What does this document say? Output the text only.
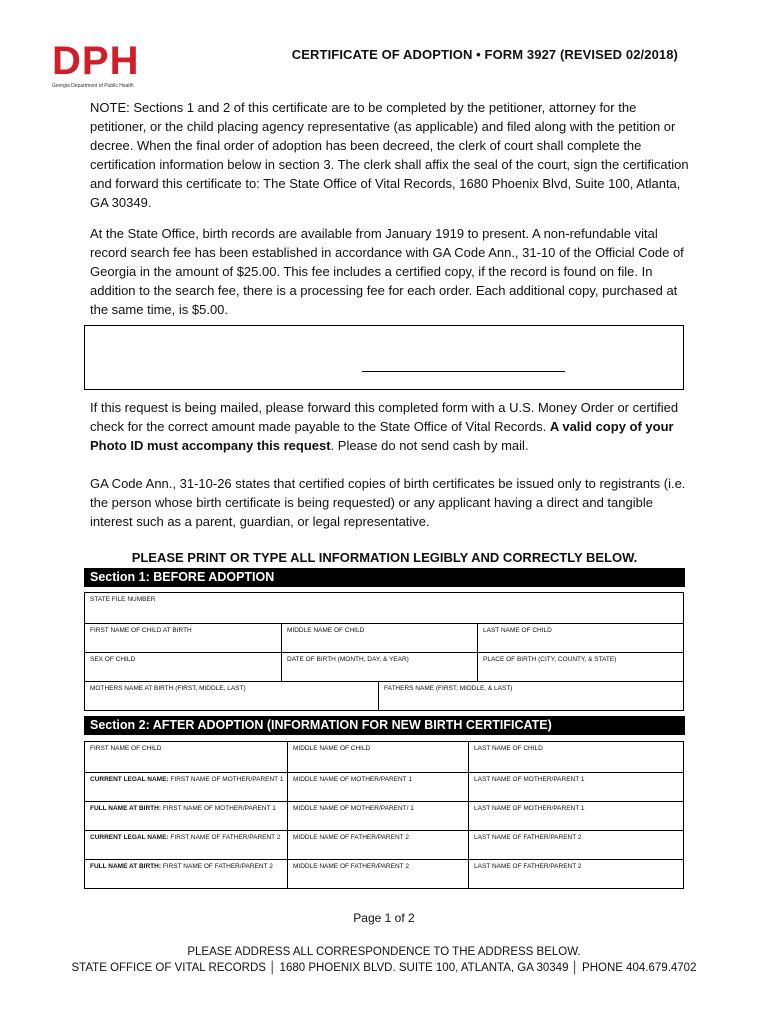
DPH
Georgia Department of Public Health
CERTIFICATE OF ADOPTION • FORM 3927 (REVISED 02/2018)

NOTE: Sections 1 and 2 of this certificate are to be completed by the petitioner, attorney for the petitioner, or the child placing agency representative (as applicable) and filed along with the petition or decree. When the final order of adoption has been decreed, the clerk of court shall complete the certification information below in section 3. The clerk shall affix the seal of the court, sign the certification and forward this certificate to: The State Office of Vital Records, 1680 Phoenix Blvd, Suite 100, Atlanta, GA 30349.

At the State Office, birth records are available from January 1919 to present. A non-refundable vital record search fee has been established in accordance with GA Code Ann., 31-10 of the Official Code of Georgia in the amount of $25.00. This fee includes a certified copy, if the record is found on file. In addition to the search fee, there is a processing fee for each order. Each additional copy, purchased at the same time, is $5.00.

If this request is being mailed, please forward this completed form with a U.S. Money Order or certified check for the correct amount made payable to the State Office of Vital Records. A valid copy of your Photo ID must accompany this request. Please do not send cash by mail.

GA Code Ann., 31-10-26 states that certified copies of birth certificates be issued only to registrants (i.e. the person whose birth certificate is being requested) or any applicant having a direct and tangible interest such as a parent, guardian, or legal representative.

PLEASE PRINT OR TYPE ALL INFORMATION LEGIBLY AND CORRECTLY BELOW.
Section 1: BEFORE ADOPTION
STATE FILE NUMBER
FIRST NAME OF CHILD AT BIRTH	MIDDLE NAME OF CHILD	LAST NAME OF CHILD
SEX OF CHILD	DATE OF BIRTH (MONTH, DAY, & YEAR)	PLACE OF BIRTH (CITY, COUNTY, & STATE)
MOTHERS NAME AT BIRTH (FIRST, MIDDLE, LAST)	FATHERS NAME (FIRST, MIDDLE, & LAST)
Section 2: AFTER ADOPTION (INFORMATION FOR NEW BIRTH CERTIFICATE)
FIRST NAME OF CHILD	MIDDLE NAME OF CHILD	LAST NAME OF CHILD
CURRENT LEGAL NAME: FIRST NAME OF MOTHER/PARENT 1	MIDDLE NAME OF MOTHER/PARENT 1	LAST NAME OF MOTHER/PARENT 1
FULL NAME AT BIRTH: FIRST NAME OF MOTHER/PARENT 1	MIDDLE NAME OF MOTHER/PARENT/ 1	LAST NAME OF MOTHER/PARENT 1
CURRENT LEGAL NAME: FIRST NAME OF FATHER/PARENT 2	MIDDLE NAME OF FATHER/PARENT 2	LAST NAME OF FATHER/PARENT 2
FULL NAME AT BIRTH: FIRST NAME OF FATHER/PARENT 2	MIDDLE NAME OF FATHER/PARENT 2	LAST NAME OF FATHER/PARENT 2
Page 1 of 2
PLEASE ADDRESS ALL CORRESPONDENCE TO THE ADDRESS BELOW.
STATE OFFICE OF VITAL RECORDS │ 1680 PHOENIX BLVD. SUITE 100, ATLANTA, GA 30349 │ PHONE 404.679.4702
